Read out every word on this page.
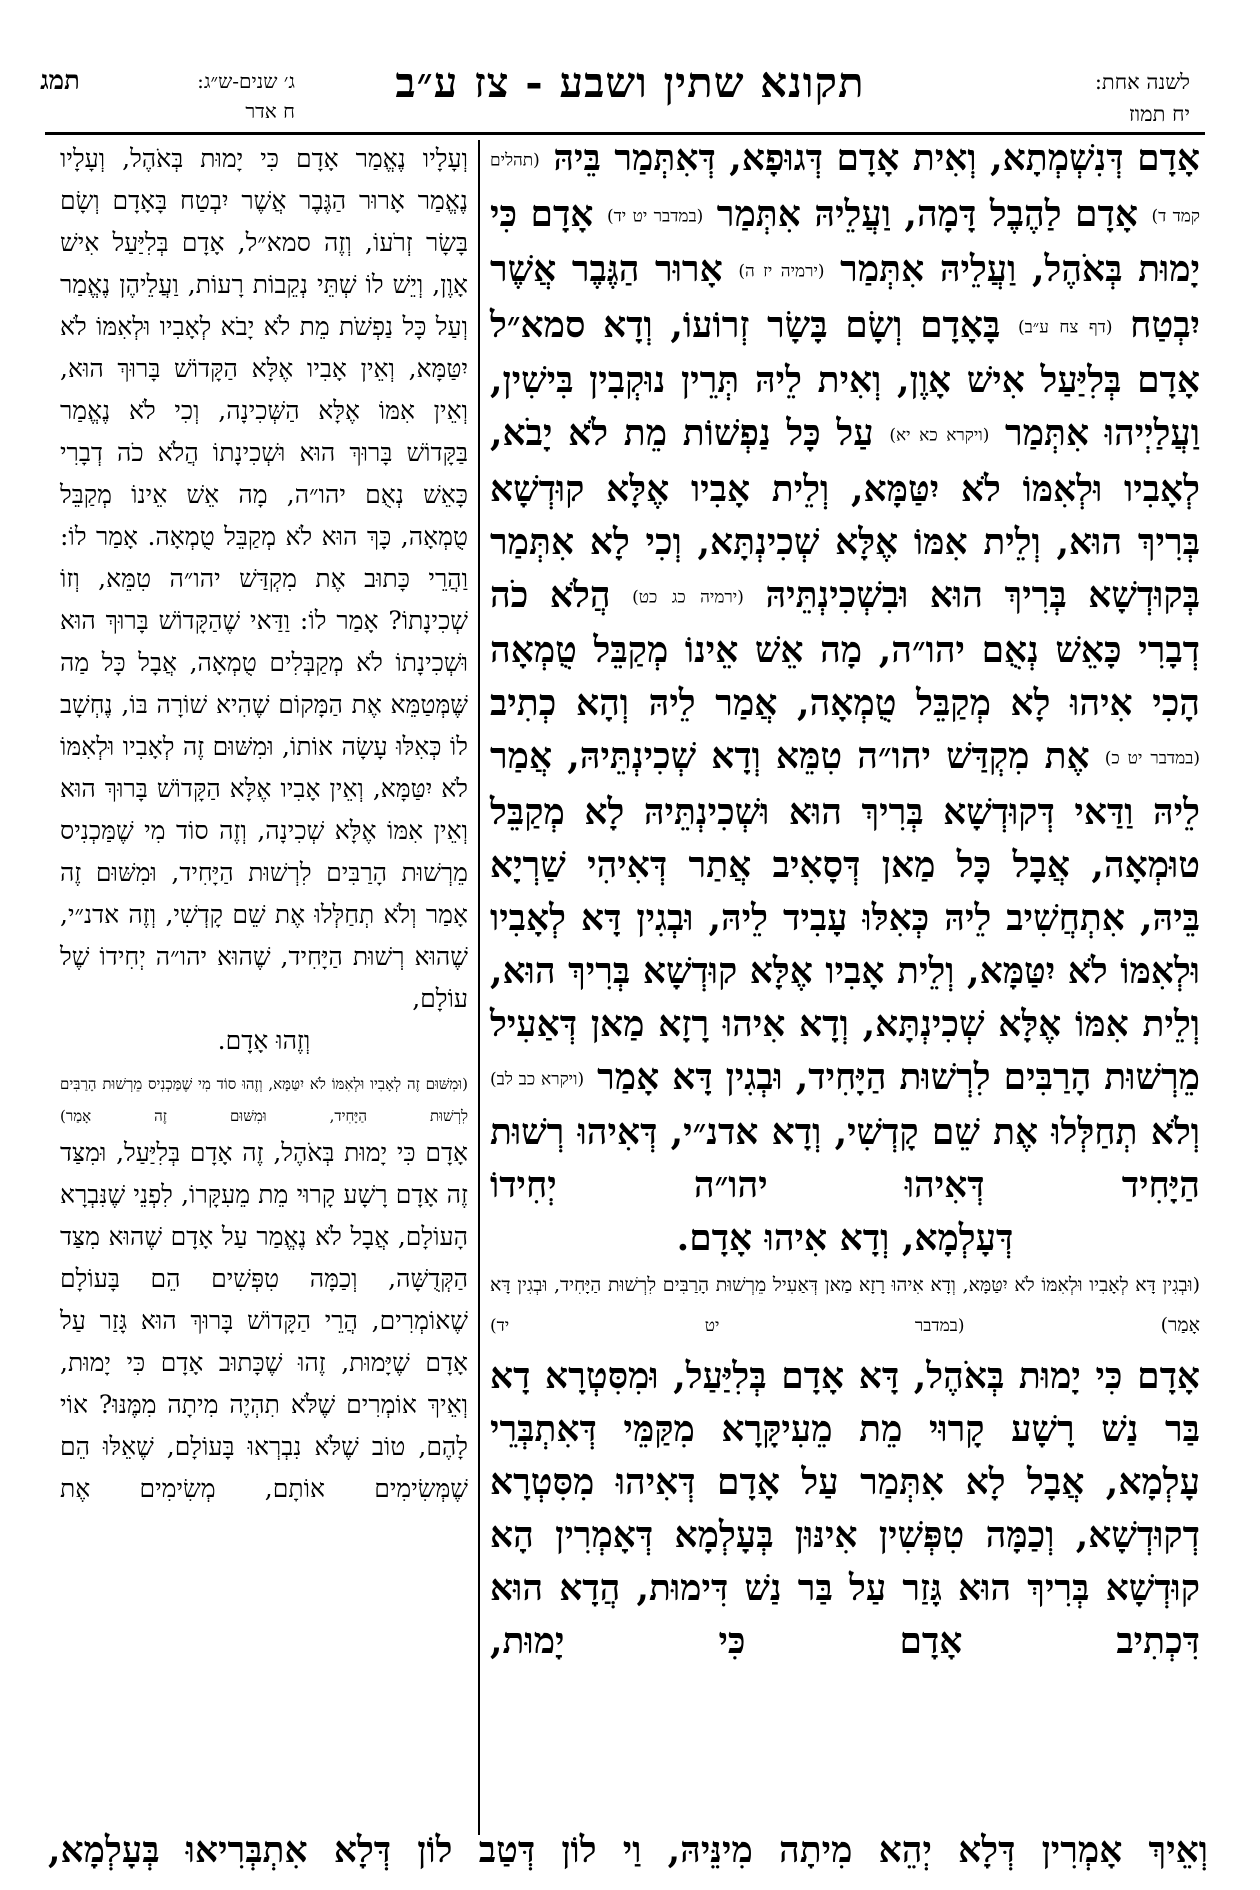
תמג	ג׳ שנים-ש״ג:
ח אדר
תקונא שתין ושבע - צז ע״ב	לשנה אחת:
יח תמוז

אָדָם דְּנִשְׁמְתָא, וְאִית אָדָם דְּגוּפָא, דְּאִתְּמַר בֵּיהּ (תהלים קמד ד) אָדָם לַהֶבֶל דָּמָה, וַעֲלֵיהּ אִתְּמַר (במדבר יט יד) אָדָם כִּי יָמוּת בְּאֹהֶל, וַעֲלֵיהּ אִתְּמַר (ירמיה יז ה) אָרוּר הַגֶּבֶר אֲשֶׁר יִבְטַח (דף צח ע״ב) בָּאָדָם וְשָׂם בָּשָׂר זְרוֹעוֹ, וְדָא סמא״ל אָדָם בְּלִיַּעַל אִישׁ אָוֶן, וְאִית לֵיהּ תְּרֵין נוּקְבִין בִּישִׁין, וַעֲלַיְיהוּ אִתְּמַר (ויקרא כא יא) עַל כָּל נַפְשׁוֹת מֵת לֹא יָבֹא, לְאָבִיו וּלְאִמּוֹ לֹא יִטַּמָּא, וְלֵית אָבִיו אֶלָּא קוּדְשָׁא בְּרִיךְ הוּא, וְלֵית אִמּוֹ אֶלָּא שְׁכִינְתָּא, וְכִי לָא אִתְּמַר בְּקוּדְשָׁא בְּרִיךְ הוּא וּבִשְׁכִינְתֵּיהּ (ירמיה כג כט) הֲלֹא כֹה דְבָרִי כָּאֵשׁ נְאֻם יהו״ה, מָה אֵשׁ אֵינוֹ מְקַבֵּל טֻמְאָה הָכִי אִיהוּ לָא מְקַבֵּל טֻמְאָה, אֲמַר לֵיהּ וְהָא כְתִיב (במדבר יט כ) אֶת מִקְדַּשׁ יהו״ה טִמֵּא וְדָא שְׁכִינְתֵּיהּ, אֲמַר לֵיהּ וַדַּאי דְּקוּדְשָׁא בְּרִיךְ הוּא וּשְׁכִינְתֵּיהּ לָא מְקַבֵּל טוּמְאָה, אֲבָל כָּל מַאן דְּסָאִיב אֲתַר דְּאִיהִי שַׁרְיָא בֵּיהּ, אִתְחֲשִׁיב לֵיהּ כְּאִלּוּ עָבִיד לֵיהּ, וּבְגִין דָּא לְאָבִיו וּלְאִמּוֹ לֹא יִטַּמָּא, וְלֵית אָבִיו אֶלָּא קוּדְשָׁא בְּרִיךְ הוּא, וְלֵית אִמּוֹ אֶלָּא שְׁכִינְתָּא, וְדָא אִיהוּ רָזָא מַאן דְּאַעִיל מֵרְשׁוּת הָרַבִּים לִרְשׁוּת הַיָּחִיד, וּבְגִין דָּא אָמַר (ויקרא כב לב) וְלֹא תְחַלְּלוּ אֶת שֵׁם קָדְשִׁי, וְדָא אדנ״י, דְּאִיהוּ רְשׁוּת הַיָּחִיד דְּאִיהוּ יהו״ה יְחִידוֹ

דְּעָלְמָא, וְדָא אִיהוּ אָדָם.

(וּבְגִין דָּא לְאָבִיו וּלְאִמּוֹ לֹא יִטַּמָּא, וְדָא אִיהוּ רָזָא מַאן דְּאַעִיל מֵרְשׁוּת הָרַבִּים לִרְשׁוּת הַיָּחִיד, וּבְגִין דָּא אָמַר) (במדבר יט יד)

אָדָם כִּי יָמוּת בְּאֹהֶל, דָּא אָדָם בְּלִיַּעַל, וּמִסִּטְרָא דָא בַּר נַשׁ רָשָׁע קָרוּי מֵת מֵעִיקָּרָא מִקַּמֵּי דְּאִתְבְּרֵי עָלְמָא, אֲבָל לָא אִתְּמַר עַל אָדָם דְּאִיהוּ מִסִּטְרָא דְקוּדְשָׁא, וְכַמָּה טִפְּשִׁין אִינּוּן בְּעָלְמָא דְּאָמְרִין הָא קוּדְשָׁא בְּרִיךְ הוּא גָּזַר עַל בַּר נַשׁ דִּימוּת, הֲדָא הוּא דִּכְתִיב אָדָם כִּי יָמוּת,

וְעָלָיו נֶאֱמַר אָדָם כִּי יָמוּת בְּאֹהֶל, וְעָלָיו נֶאֱמַר אָרוּר הַגֶּבֶר אֲשֶׁר יִבְטַח בָּאָדָם וְשָׂם בָּשָׂר זְרֹעוֹ, וְזֶה סמא״ל, אָדָם בְּלִיַּעַל אִישׁ אָוֶן, וְיֵשׁ לוֹ שְׁתֵּי נְקֵבוֹת רָעוֹת, וַעֲלֵיהֶן נֶאֱמַר וְעַל כָּל נַפְשֹׁת מֵת לֹא יָבֹא לְאָבִיו וּלְאִמּוֹ לֹא יִטַּמָּא, וְאֵין אָבִיו אֶלָּא הַקָּדוֹשׁ בָּרוּךְ הוּא, וְאֵין אִמּוֹ אֶלָּא הַשְּׁכִינָה, וְכִי לֹא נֶאֱמַר בַּקָּדוֹשׁ בָּרוּךְ הוּא וּשְׁכִינָתוֹ הֲלֹא כֹה דְבָרִי כָּאֵשׁ נְאֻם יהו״ה, מָה אֵשׁ אֵינוֹ מְקַבֵּל טֻמְאָה, כָּךְ הוּא לֹא מְקַבֵּל טֻמְאָה. אָמַר לוֹ: וַהֲרֵי כָּתוּב אֶת מִקְדַּשׁ יהו״ה טִמֵּא, וְזוֹ שְׁכִינָתוֹ? אָמַר לוֹ: וַדַּאי שֶׁהַקָּדוֹשׁ בָּרוּךְ הוּא וּשְׁכִינָתוֹ לֹא מְקַבְּלִים טֻמְאָה, אֲבָל כָּל מַה שֶּׁמְּטַמֵּא אֶת הַמָּקוֹם שֶׁהִיא שׁוֹרָה בּוֹ, נֶחְשָׁב לוֹ כְּאִלּוּ עָשָׂה אוֹתוֹ, וּמִשּׁוּם זֶה לְאָבִיו וּלְאִמּוֹ לֹא יִטַּמָּא, וְאֵין אָבִיו אֶלָּא הַקָּדוֹשׁ בָּרוּךְ הוּא וְאֵין אִמּוֹ אֶלָּא שְׁכִינָה, וְזֶה סוֹד מִי שֶׁמַּכְנִיס מֵרְשׁוּת הָרַבִּים לִרְשׁוּת הַיָּחִיד, וּמִשּׁוּם זֶה אָמַר וְלֹא תְחַלְּלוּ אֶת שֵׁם קָדְשִׁי, וְזֶה אדנ״י, שֶׁהוּא רְשׁוּת הַיָּחִיד, שֶׁהוּא יהו״ה יְחִידוֹ שֶׁל עוֹלָם,

וְזֶהוּ אָדָם.

(וּמִשּׁוּם זֶה לְאָבִיו וּלְאִמּוֹ לֹא יִטַּמָּא, וְזֶהוּ סוֹד מִי שֶׁמַּכְנִיס מֵרְשׁוּת הָרַבִּים לִרְשׁוּת הַיָּחִיד, וּמִשּׁוּם זֶה אָמַר)

אָדָם כִּי יָמוּת בְּאֹהֶל, זֶה אָדָם בְּלִיַּעַל, וּמִצַּד זֶה אָדָם רָשָׁע קָרוּי מֵת מֵעִקָּרוֹ, לִפְנֵי שֶׁנִּבְרָא הָעוֹלָם, אֲבָל לֹא נֶאֱמַר עַל אָדָם שֶׁהוּא מִצַּד הַקְּדֻשָּׁה, וְכַמָּה טִפְּשִׁים הֵם בָּעוֹלָם שֶׁאוֹמְרִים, הֲרֵי הַקָּדוֹשׁ בָּרוּךְ הוּא גָּזַר עַל אָדָם שֶׁיָּמוּת, זֶהוּ שֶׁכָּתוּב אָדָם כִּי יָמוּת, וְאֵיךְ אוֹמְרִים שֶׁלֹּא תִהְיֶה מִיתָה מִמֶּנּוּ? אוֹי לָהֶם, טוֹב שֶׁלֹּא נִבְרְאוּ בָּעוֹלָם, שֶׁאֵלּוּ הֵם שֶׁמְּשִׂימִים אוֹתָם, מְשִׂימִים אֶת

וְאֵיךְ אָמְרִין דְּלָא יְהֵא מִיתָה מִינֵּיהּ, וַי לוֹן דְּטַב לוֹן דְּלָא אִתְבְּרִיאוּ בְּעָלְמָא,
